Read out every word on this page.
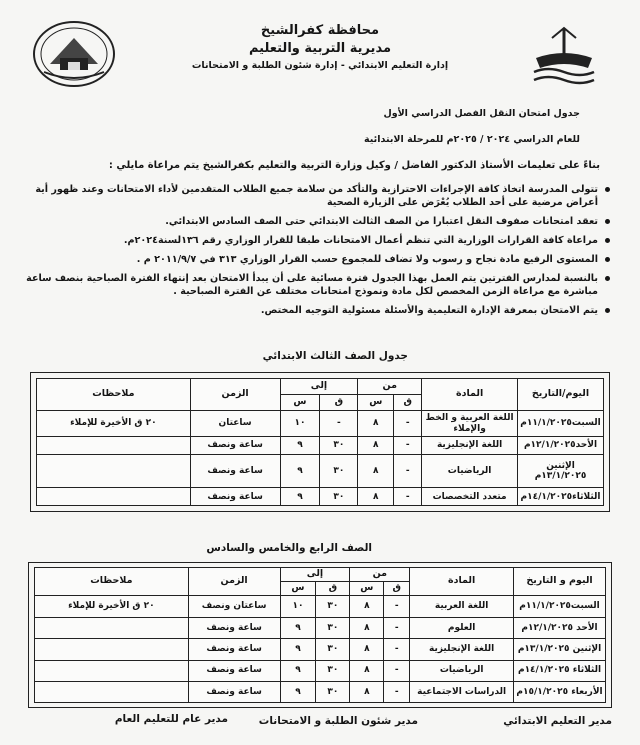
محافظة كفرالشيخ
مديرية التربية والتعليم
إدارة التعليم الابتدائي - إدارة شئون الطلبة و الامتحانات
جدول امتحان النقل الفصل الدراسي الأول
للعام الدراسي ٢٠٢٤ / ٢٠٢٥م للمرحلة الابتدائية
بناءً على تعليمات الأستاذ الدكتور الفاضل / وكيل وزارة التربية والتعليم بكفرالشيخ يتم مراعاة مايلي :
تتولى المدرسة اتخاذ كافة الإجراءات الاحترازية والتأكد من سلامة جميع الطلاب المتقدمين لأداء الامتحانات وعند ظهور أية أعراض مرضية على أحد الطلاب يُعْرَض على الزيارة الصحية
تعقد امتحانات صفوف النقل اعتبارا من الصف الثالث الابتدائي حتى الصف السادس الابتدائي.
مراعاة كافة القرارات الوزارية التي تنظم أعمال الامتحانات طبقا للقرار الوزاري رقم ١٣٦لسنة٢٠٢٤م.
المستوى الرفيع مادة نجاح و رسوب ولا تضاف للمجموع حسب القرار الوزاري ٣١٣ في ٢٠١١/٩/٧ م .
بالنسبة لمدارس الفترتين يتم العمل بهذا الجدول فترة مسائية على أن يبدأ الامتحان بعد إنتهاء الفترة الصباحية بنصف ساعة مباشرة مع مراعاة الزمن المخصص لكل مادة ونموذج امتحانات مختلف عن الفترة الصباحية .
يتم الامتحان بمعرفة الإدارة التعليمية والأسئلة مسئولية التوجيه المختص.
جدول الصف الثالث الابتدائي
اليوم/التاريخ	المادة	من		إلى		الزمن	ملاحظات
		ق	س	ق	س		
السبت١١/١/٢٠٢٥م	اللغة العربية و الخط والإملاء	-	٨	-	١٠	ساعتان	٢٠ ق الأخيرة للإملاء
الأحد١٢/١/٢٠٢٥م	اللغة الإنجليزية	-	٨	٣٠	٩	ساعة ونصف	
الإثنين ١٣/١/٢٠٢٥م	الرياضيات	-	٨	٣٠	٩	ساعة ونصف	
الثلاثاء١٤/١/٢٠٢٥م	متعدد التخصصات	-	٨	٣٠	٩	ساعة ونصف	
الصف الرابع والخامس والسادس
اليوم و التاريخ	المادة	من		إلى		الزمن	ملاحظات
		ق	س	ق	س		
السبت١١/١/٢٠٢٥م	اللغة العربية	-	٨	٣٠	١٠	ساعتان ونصف	٢٠ ق الأخيرة للإملاء
الأحد ١٢/١/٢٠٢٥م	العلوم	-	٨	٣٠	٩	ساعة ونصف	
الإثنين ١٣/١/٢٠٢٥م	اللغة الإنجليزية	-	٨	٣٠	٩	ساعة ونصف	
الثلاثاء ١٤/١/٢٠٢٥م	الرياضيات	-	٨	٣٠	٩	ساعة ونصف	
الأربعاء ١٥/١/٢٠٢٥م	الدراسات الاجتماعية	-	٨	٣٠	٩	ساعة ونصف	
مدير التعليم الابتدائي
مدير شئون الطلبة و الامتحانات
مدير عام للتعليم العام
